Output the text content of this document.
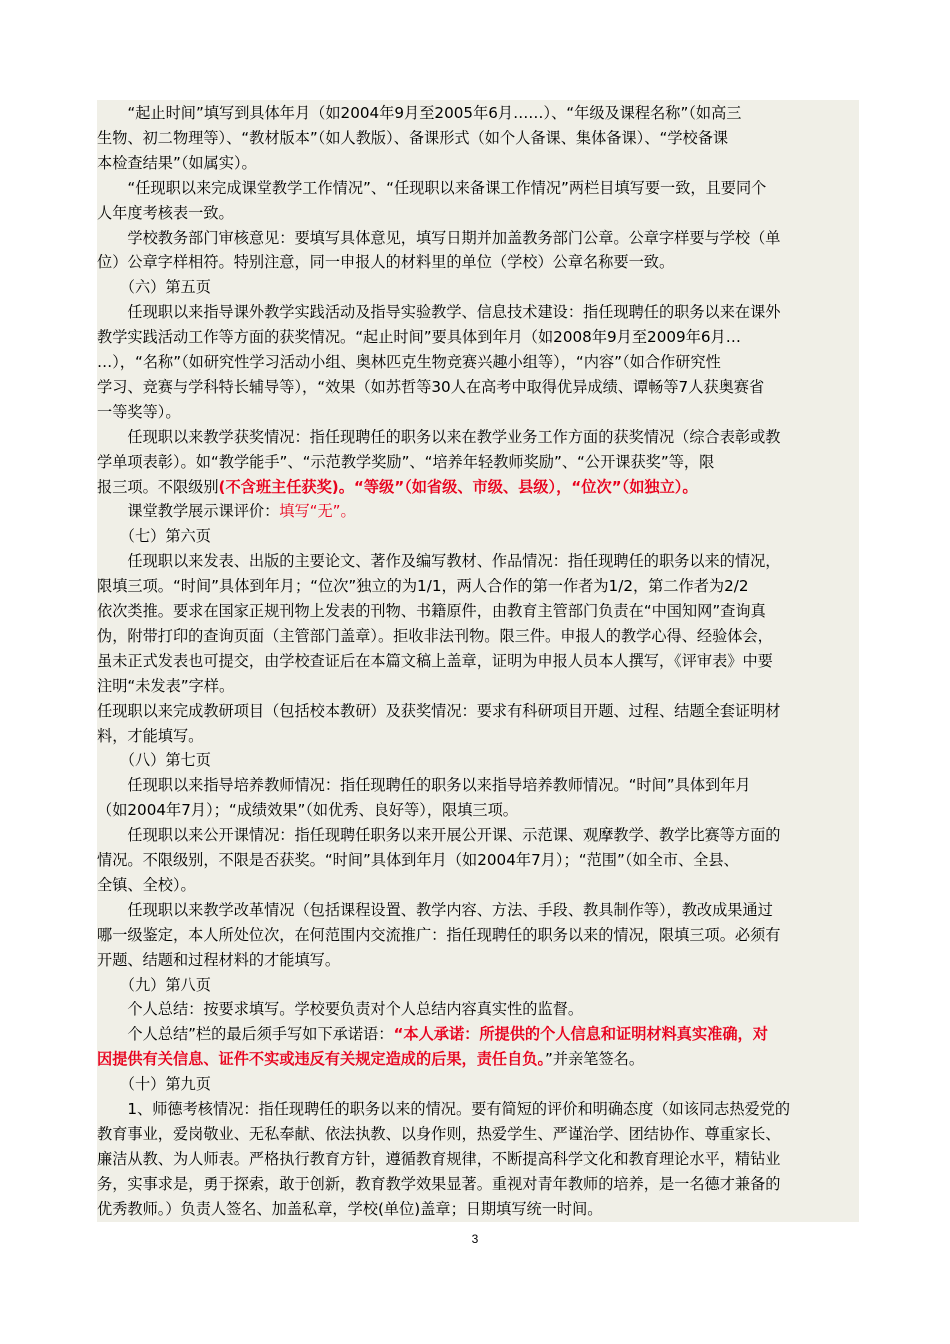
　　“起止时间”填写到具体年月（如2004年9月至2005年6月……）、“年级及课程名称”（如高三
生物、初二物理等）、“教材版本”（如人教版）、备课形式（如个人备课、集体备课）、“学校备课
本检查结果”（如属实）。
　　“任现职以来完成课堂教学工作情况”、“任现职以来备课工作情况”两栏目填写要一致，且要同个
人年度考核表一致。
　　学校教务部门审核意见：要填写具体意见，填写日期并加盖教务部门公章。公章字样要与学校（单
位）公章字样相符。特别注意，同一申报人的材料里的单位（学校）公章名称要一致。
　　（六）第五页
　　任现职以来指导课外教学实践活动及指导实验教学、信息技术建设：指任现聘任的职务以来在课外
教学实践活动工作等方面的获奖情况。“起止时间”要具体到年月（如2008年9月至2009年6月…
…），“名称”（如研究性学习活动小组、奥林匹克生物竞赛兴趣小组等），“内容”（如合作研究性
学习、竞赛与学科特长辅导等），“效果（如苏哲等30人在高考中取得优异成绩、谭畅等7人获奥赛省
一等奖等）。
　　任现职以来教学获奖情况：指任现聘任的职务以来在教学业务工作方面的获奖情况（综合表彰或教
学单项表彰）。如“教学能手”、“示范教学奖励”、“培养年轻教师奖励”、“公开课获奖”等，限
报三项。不限级别(不含班主任获奖)。“等级”（如省级、市级、县级），“位次”（如独立）。
　　课堂教学展示课评价：填写“无”。
　　（七）第六页
　　任现职以来发表、出版的主要论文、著作及编写教材、作品情况：指任现聘任的职务以来的情况，
限填三项。“时间”具体到年月；“位次”独立的为1/1，两人合作的第一作者为1/2，第二作者为2/2
依次类推。要求在国家正规刊物上发表的刊物、书籍原件，由教育主管部门负责在“中国知网”查询真
伪，附带打印的查询页面（主管部门盖章）。拒收非法刊物。限三件。申报人的教学心得、经验体会，
虽未正式发表也可提交，由学校查证后在本篇文稿上盖章，证明为申报人员本人撰写，《评审表》中要
注明“未发表”字样。
任现职以来完成教研项目（包括校本教研）及获奖情况：要求有科研项目开题、过程、结题全套证明材
料，才能填写。
　　（八）第七页
　　任现职以来指导培养教师情况：指任现聘任的职务以来指导培养教师情况。“时间”具体到年月
（如2004年7月）；“成绩效果”（如优秀、良好等），限填三项。
　　任现职以来公开课情况：指任现聘任职务以来开展公开课、示范课、观摩教学、教学比赛等方面的
情况。不限级别，不限是否获奖。“时间”具体到年月（如2004年7月）；“范围”（如全市、全县、
全镇、全校）。
　　任现职以来教学改革情况（包括课程设置、教学内容、方法、手段、教具制作等），教改成果通过
哪一级鉴定，本人所处位次，在何范围内交流推广：指任现聘任的职务以来的情况，限填三项。必须有
开题、结题和过程材料的才能填写。
　　（九）第八页
　　个人总结：按要求填写。学校要负责对个人总结内容真实性的监督。
　　个人总结”栏的最后须手写如下承诺语：“本人承诺：所提供的个人信息和证明材料真实准确，对
因提供有关信息、证件不实或违反有关规定造成的后果，责任自负。”并亲笔签名。
　　（十）第九页
　　1、师德考核情况：指任现聘任的职务以来的情况。要有简短的评价和明确态度（如该同志热爱党的
教育事业，爱岗敬业、无私奉献、依法执教、以身作则，热爱学生、严谨治学、团结协作、尊重家长、
廉洁从教、为人师表。严格执行教育方针，遵循教育规律，不断提高科学文化和教育理论水平，精钻业
务，实事求是，勇于探索，敢于创新，教育教学效果显著。重视对青年教师的培养，是一名德才兼备的
优秀教师。）负责人签名、加盖私章，学校(单位)盖章；日期填写统一时间。
3
